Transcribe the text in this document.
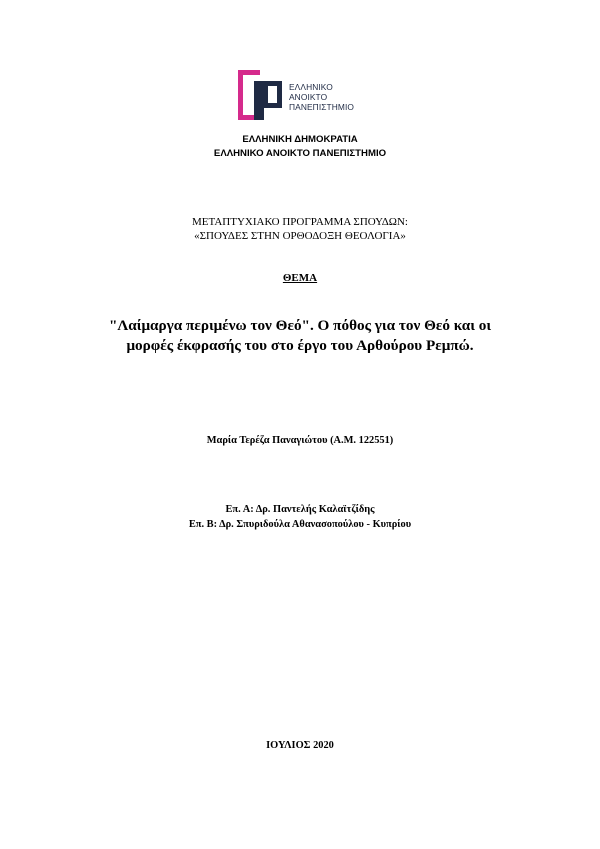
ΕΛΛΗΝΙΚΟ
ΑΝΟΙΚΤΟ
ΠΑΝΕΠΙΣΤΗΜΙΟ
ΕΛΛΗΝΙΚΗ ΔΗΜΟΚΡΑΤΙΑ
ΕΛΛΗΝΙΚΟ ΑΝΟΙΚΤΟ ΠΑΝΕΠΙΣΤΗΜΙΟ
ΜΕΤΑΠΤΥΧΙΑΚΟ ΠΡΟΓΡΑΜΜΑ ΣΠΟΥΔΩΝ:
«ΣΠΟΥΔΕΣ ΣΤΗΝ ΟΡΘΟΔΟΞΗ ΘΕΟΛΟΓΙΑ»
ΘΕΜΑ
"Λαίμαργα περιμένω τον Θεό". Ο πόθος για τον Θεό και οι
μορφές έκφρασής του στο έργο του Αρθούρου Ρεμπώ.
Μαρία Τερέζα Παναγιώτου (Α.Μ. 122551)
Επ. Α: Δρ. Παντελής Καλαϊτζίδης
Επ. Β: Δρ. Σπυριδούλα Αθανασοπούλου - Κυπρίου
ΙΟΥΛΙΟΣ 2020
